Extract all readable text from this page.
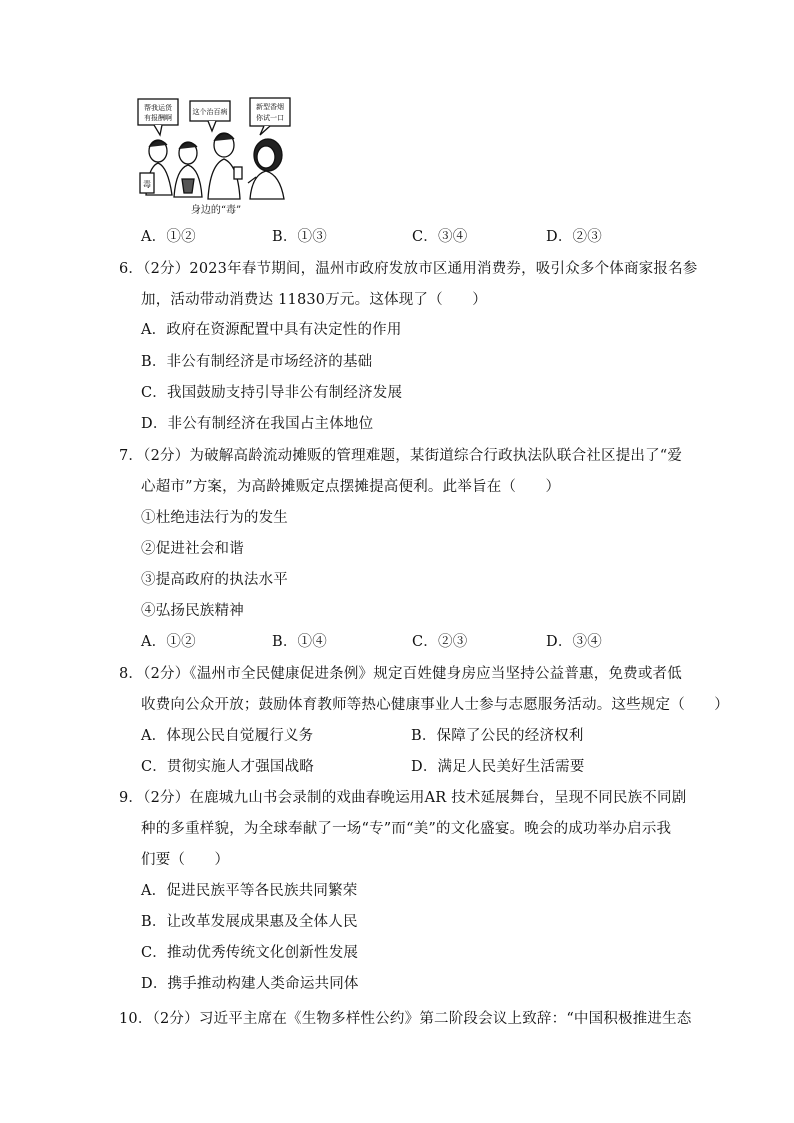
帮我运货
有报酬啊
这个治百病
新型香烟
你试一口
毒
身边的“毒”
A．①②	B．①③	C．③④	D．②③
6．（2分）2023年春节期间，温州市政府发放市区通用消费券，吸引众多个体商家报名参
加，活动带动消费达 11830万元。这体现了（　　）
A．政府在资源配置中具有决定性的作用
B．非公有制经济是市场经济的基础
C．我国鼓励支持引导非公有制经济发展
D．非公有制经济在我国占主体地位
7．（2分）为破解高龄流动摊贩的管理难题，某街道综合行政执法队联合社区提出了“爱
心超市”方案，为高龄摊贩定点摆摊提高便利。此举旨在（　　）
①杜绝违法行为的发生
②促进社会和谐
③提高政府的执法水平
④弘扬民族精神
A．①②	B．①④	C．②③	D．③④
8．（2分）《温州市全民健康促进条例》规定百姓健身房应当坚持公益普惠，免费或者低
收费向公众开放；鼓励体育教师等热心健康事业人士参与志愿服务活动。这些规定（　　）
A．体现公民自觉履行义务	B．保障了公民的经济权利
C．贯彻实施人才强国战略	D．满足人民美好生活需要
9．（2分）在鹿城九山书会录制的戏曲春晚运用AR 技术延展舞台，呈现不同民族不同剧
种的多重样貌，为全球奉献了一场“专”而“美”的文化盛宴。晚会的成功举办启示我
们要（　　）
A．促进民族平等各民族共同繁荣
B．让改革发展成果惠及全体人民
C．推动优秀传统文化创新性发展
D．携手推动构建人类命运共同体
10．（2分）习近平主席在《生物多样性公约》第二阶段会议上致辞：“中国积极推进生态
